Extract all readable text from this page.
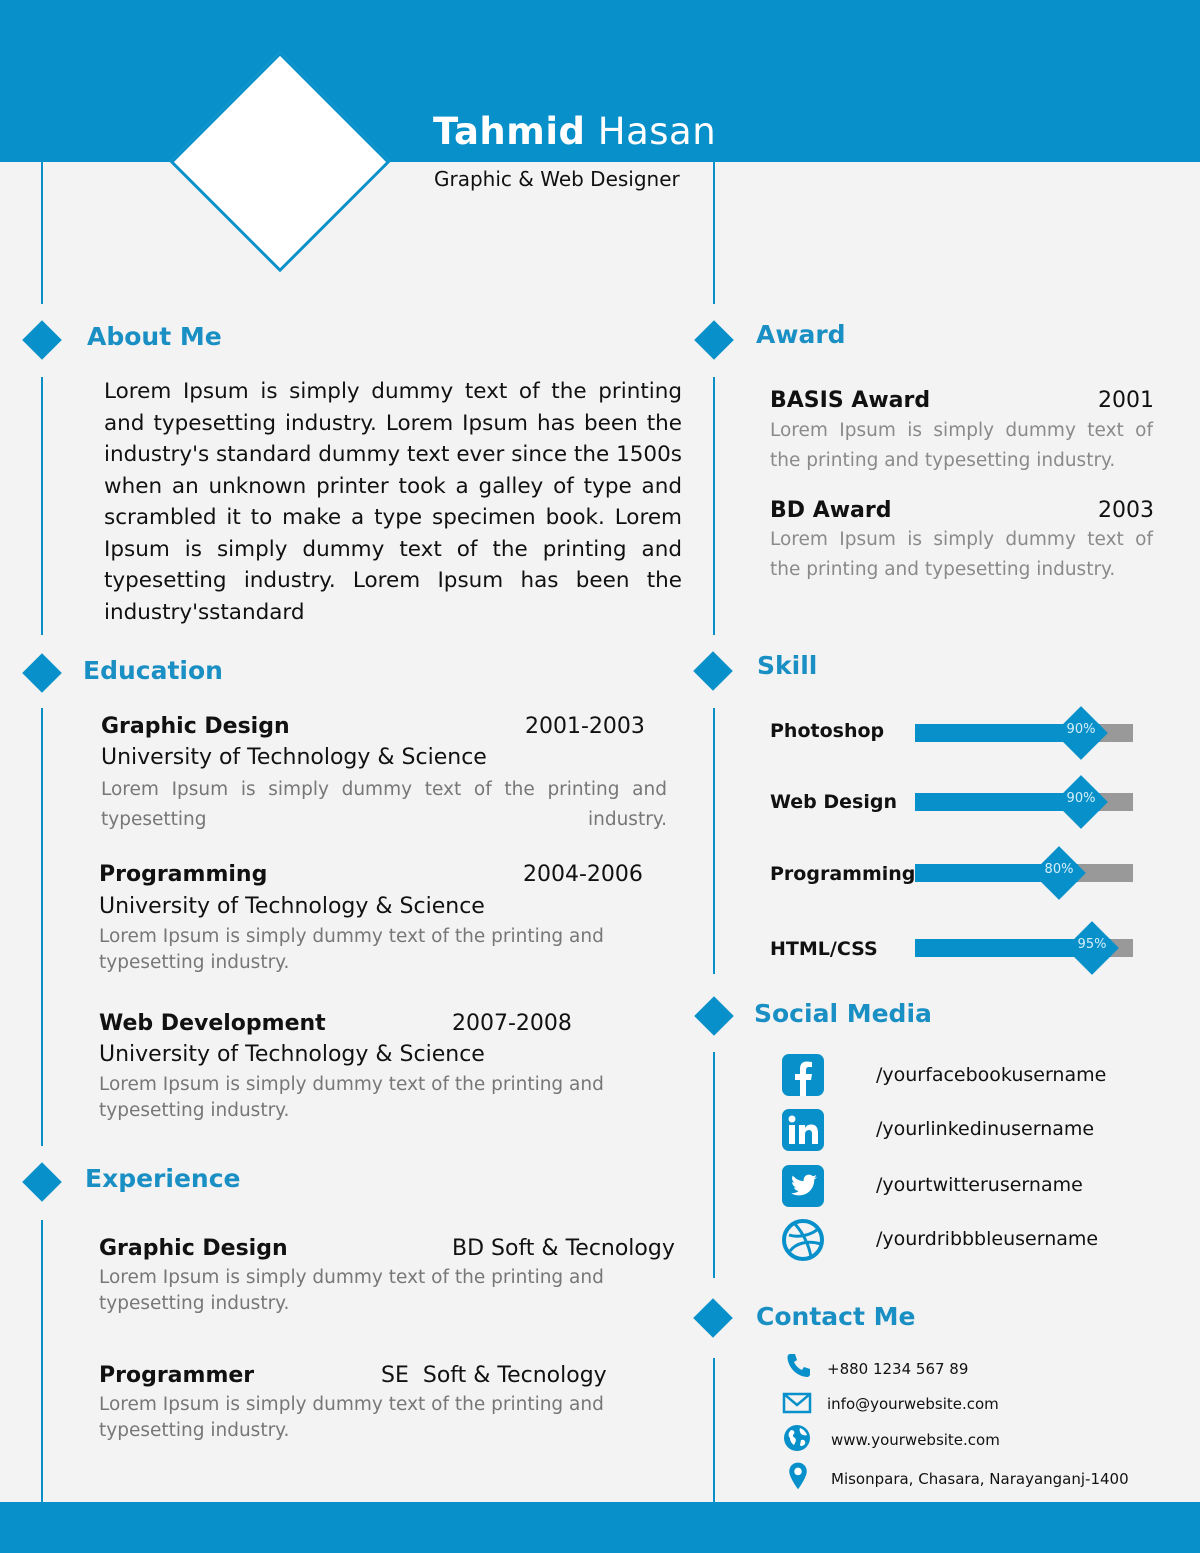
Tahmid Hasan
Graphic & Web Designer
About Me
Lorem Ipsum is simply dummy text of the printing and typesetting industry. Lorem Ipsum has been the industry's standard dummy text ever since the 1500s when an unknown printer took a galley of type and scrambled it to make a type specimen book. Lorem Ipsum is simply dummy text of the printing and typesetting industry. Lorem Ipsum has been the industry'sstandard
Education
Graphic Design	2001-2003
University of Technology & Science
Lorem Ipsum is simply dummy text of the printing and typesetting industry.
Programming	2004-2006
University of Technology & Science
Lorem Ipsum is simply dummy text of the printing and typesetting industry.
Web Development	2007-2008
University of Technology & Science
Lorem Ipsum is simply dummy text of the printing and typesetting industry.
Experience
Graphic Design	BD Soft & Tecnology
Lorem Ipsum is simply dummy text of the printing and typesetting industry.
Programmer	SE  Soft & Tecnology
Lorem Ipsum is simply dummy text of the printing and typesetting industry.
Award
BASIS Award	2001
Lorem Ipsum is simply dummy text of the printing and typesetting industry.
BD Award	2003
Lorem Ipsum is simply dummy text of the printing and typesetting industry.
Skill
Photoshop	90%
Web Design	90%
Programming	80%
HTML/CSS	95%
Social Media
/yourfacebookusername
/yourlinkedinusername
/yourtwitterusername
/yourdribbbleusername
Contact Me
+880 1234 567 89
info@yourwebsite.com
www.yourwebsite.com
Misonpara, Chasara, Narayanganj-1400
